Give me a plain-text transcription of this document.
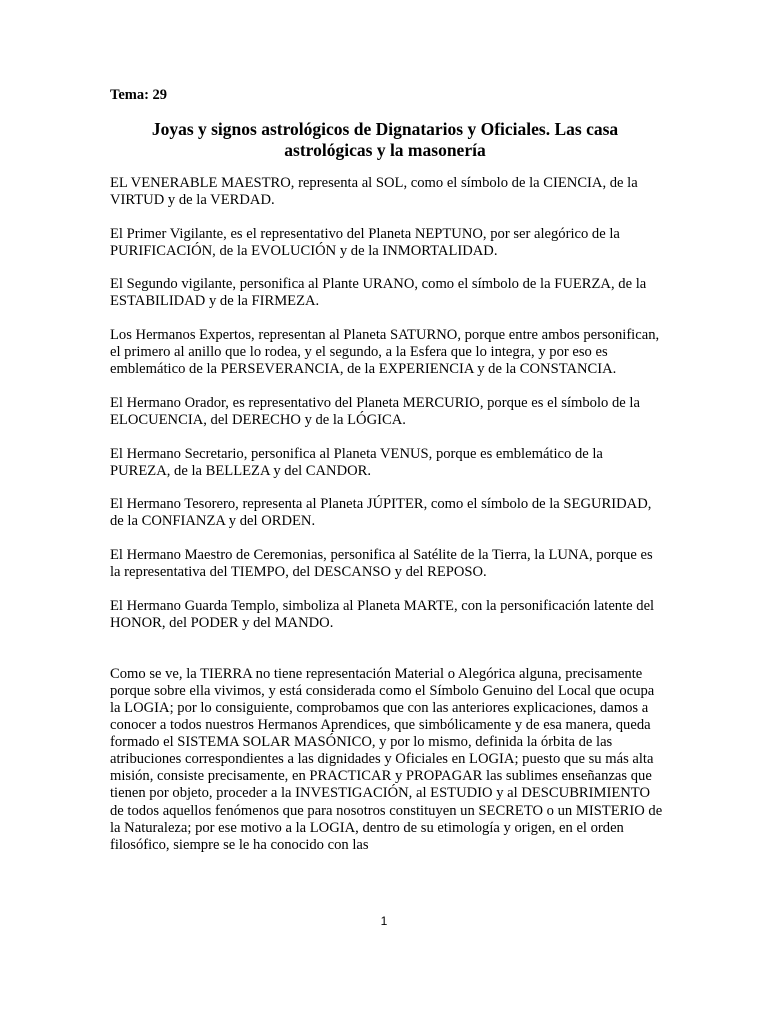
Tema: 29
Joyas y signos astrológicos de Dignatarios y Oficiales. Las casa astrológicas y la masonería

EL VENERABLE MAESTRO, representa al SOL, como el símbolo de la CIENCIA, de la VIRTUD y de la VERDAD.

El Primer Vigilante, es el representativo del Planeta NEPTUNO, por ser alegórico de la PURIFICACIÓN, de la EVOLUCIÓN y de la INMORTALIDAD.

El Segundo vigilante, personifica al Plante URANO, como el símbolo de la FUERZA, de la ESTABILIDAD y de la FIRMEZA.

Los Hermanos Expertos, representan al Planeta SATURNO, porque entre ambos personifican, el primero al anillo que lo rodea, y el segundo, a la Esfera que lo integra, y por eso es emblemático de la PERSEVERANCIA, de la EXPERIENCIA y de la CONSTANCIA.

El Hermano Orador, es representativo del Planeta MERCURIO, porque es el símbolo de la ELOCUENCIA, del DERECHO y de la LÓGICA.

El Hermano Secretario, personifica al Planeta VENUS, porque es emblemático de la PUREZA, de la BELLEZA y del CANDOR.

El Hermano Tesorero, representa al Planeta JÚPITER, como el símbolo de la SEGURIDAD, de la CONFIANZA y del ORDEN.

El Hermano Maestro de Ceremonias, personifica al Satélite de la Tierra, la LUNA, porque es la representativa del TIEMPO, del DESCANSO y del REPOSO.

El Hermano Guarda Templo, simboliza al Planeta MARTE, con la personificación latente del HONOR, del PODER y del MANDO.

Como se ve, la TIERRA no tiene representación Material o Alegórica alguna, precisamente porque sobre ella vivimos, y está considerada como el Símbolo Genuino del Local que ocupa la LOGIA; por lo consiguiente, comprobamos que con las anteriores explicaciones, damos a conocer a todos nuestros Hermanos Aprendices, que simbólicamente y de esa manera, queda formado el SISTEMA SOLAR MASÓNICO, y por lo mismo, definida la órbita de las atribuciones correspondientes a las dignidades y Oficiales en LOGIA; puesto que su más alta misión, consiste precisamente, en PRACTICAR y PROPAGAR las sublimes enseñanzas que tienen por objeto, proceder a la INVESTIGACIÓN, al ESTUDIO y al DESCUBRIMIENTO de todos aquellos fenómenos que para nosotros constituyen un SECRETO o un MISTERIO de la Naturaleza; por ese motivo a la LOGIA, dentro de su etimología y origen, en el orden filosófico, siempre se le ha conocido con las

1
